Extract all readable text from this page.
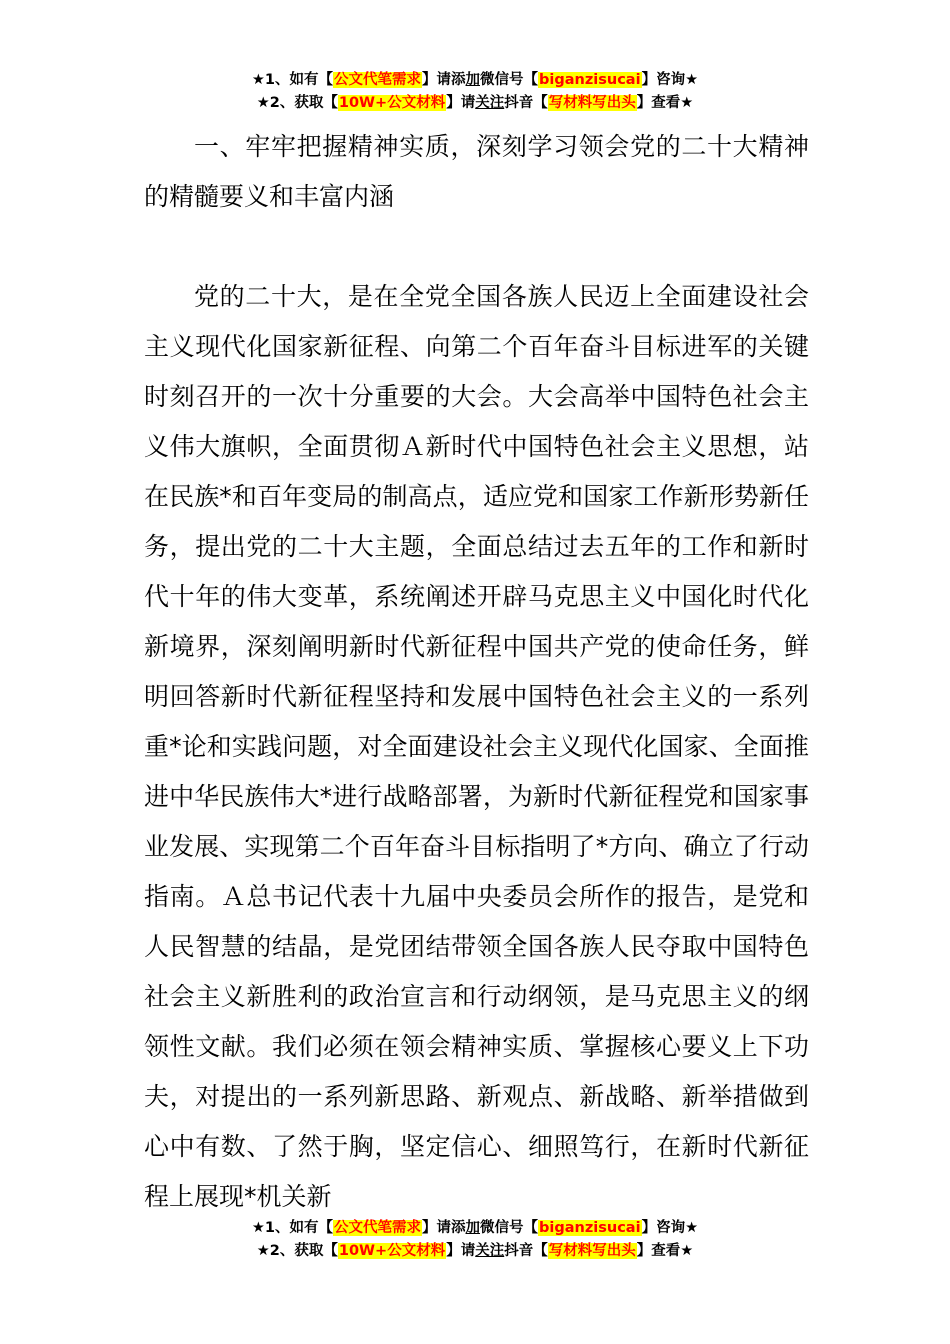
★1、如有【公文代笔需求】请添加微信号【biganzisucai】咨询★
★2、获取【10W+公文材料】请关注抖音【写材料写出头】查看★

一、牢牢把握精神实质，深刻学习领会党的二十大精神的精髓要义和丰富内涵

党的二十大，是在全党全国各族人民迈上全面建设社会主义现代化国家新征程、向第二个百年奋斗目标进军的关键时刻召开的一次十分重要的大会。大会高举中国特色社会主义伟大旗帜，全面贯彻Ａ新时代中国特色社会主义思想，站在民族*和百年变局的制高点，适应党和国家工作新形势新任务，提出党的二十大主题，全面总结过去五年的工作和新时代十年的伟大变革，系统阐述开辟马克思主义中国化时代化新境界，深刻阐明新时代新征程中国共产党的使命任务，鲜明回答新时代新征程坚持和发展中国特色社会主义的一系列重*论和实践问题，对全面建设社会主义现代化国家、全面推进中华民族伟大*进行战略部署，为新时代新征程党和国家事业发展、实现第二个百年奋斗目标指明了*方向、确立了行动指南。Ａ总书记代表十九届中央委员会所作的报告，是党和人民智慧的结晶，是党团结带领全国各族人民夺取中国特色社会主义新胜利的政治宣言和行动纲领，是马克思主义的纲领性文献。我们必须在领会精神实质、掌握核心要义上下功夫，对提出的一系列新思路、新观点、新战略、新举措做到心中有数、了然于胸，坚定信心、细照笃行，在新时代新征程上展现*机关新

★1、如有【公文代笔需求】请添加微信号【biganzisucai】咨询★
★2、获取【10W+公文材料】请关注抖音【写材料写出头】查看★
